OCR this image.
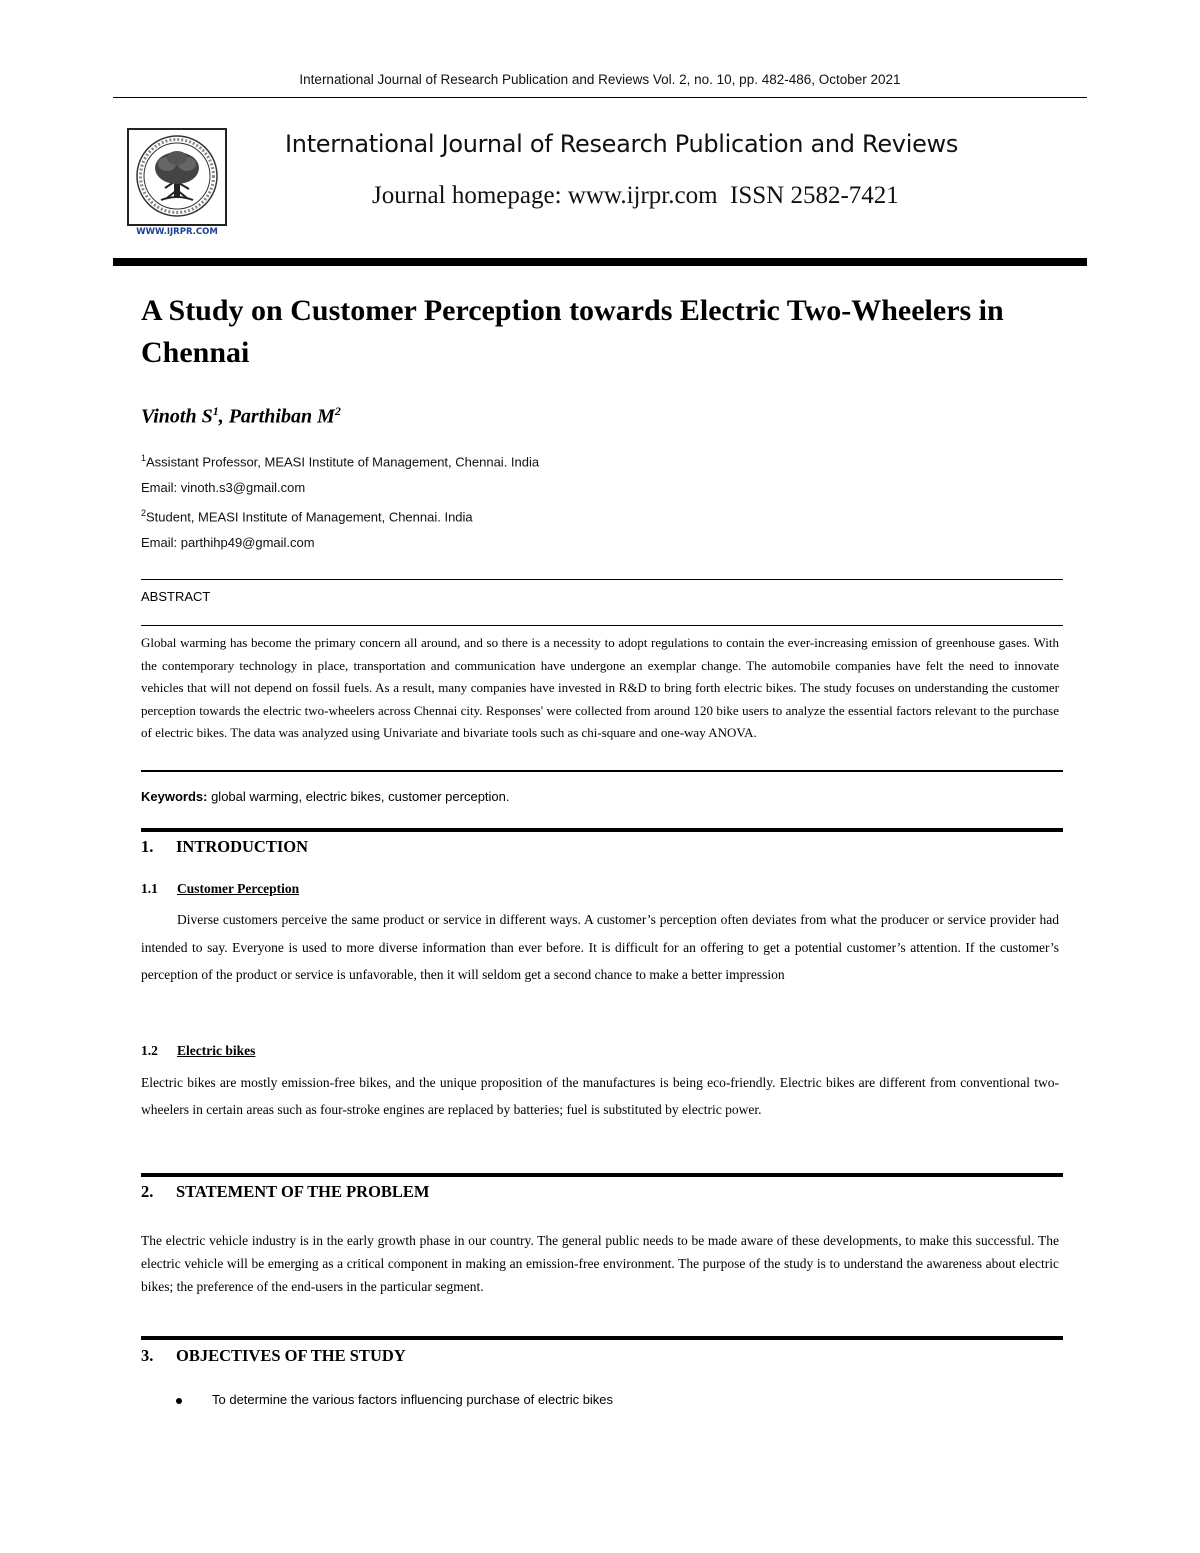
International Journal of Research Publication and Reviews Vol. 2, no. 10, pp. 482-486, October 2021
WWW.IJRPR.COM
International Journal of Research Publication and Reviews
Journal homepage: www.ijrpr.com  ISSN 2582-7421
A Study on Customer Perception towards Electric Two-Wheelers in Chennai
Vinoth $S^1$, Parthiban $M^2$
$^1$Assistant Professor, MEASI Institute of Management, Chennai. India
Email: vinoth.s3@gmail.com
$^2$Student, MEASI Institute of Management, Chennai. India
Email: parthihp49@gmail.com
ABSTRACT

Global warming has become the primary concern all around, and so there is a necessity to adopt regulations to contain the ever-increasing emission of greenhouse gases. With the contemporary technology in place, transportation and communication have undergone an exemplar change. The automobile companies have felt the need to innovate vehicles that will not depend on fossil fuels. As a result, many companies have invested in R&D to bring forth electric bikes. The study focuses on understanding the customer perception towards the electric two-wheelers across Chennai city. Responses' were collected from around 120 bike users to analyze the essential factors relevant to the purchase of electric bikes. The data was analyzed using Univariate and bivariate tools such as chi-square and one-way ANOVA.

Keywords: global warming, electric bikes, customer perception.
1. INTRODUCTION
1.1 Customer Perception

Diverse customers perceive the same product or service in different ways. A customer’s perception often deviates from what the producer or service provider had intended to say. Everyone is used to more diverse information than ever before. It is difficult for an offering to get a potential customer’s attention. If the customer’s perception of the product or service is unfavorable, then it will seldom get a second chance to make a better impression

1.2 Electric bikes

Electric bikes are mostly emission-free bikes, and the unique proposition of the manufactures is being eco-friendly. Electric bikes are different from conventional two-wheelers in certain areas such as four-stroke engines are replaced by batteries; fuel is substituted by electric power.

2. STATEMENT OF THE PROBLEM

The electric vehicle industry is in the early growth phase in our country. The general public needs to be made aware of these developments, to make this successful. The electric vehicle will be emerging as a critical component in making an emission-free environment. The purpose of the study is to understand the awareness about electric bikes; the preference of the end-users in the particular segment.

3. OBJECTIVES OF THE STUDY
To determine the various factors influencing purchase of electric bikes
